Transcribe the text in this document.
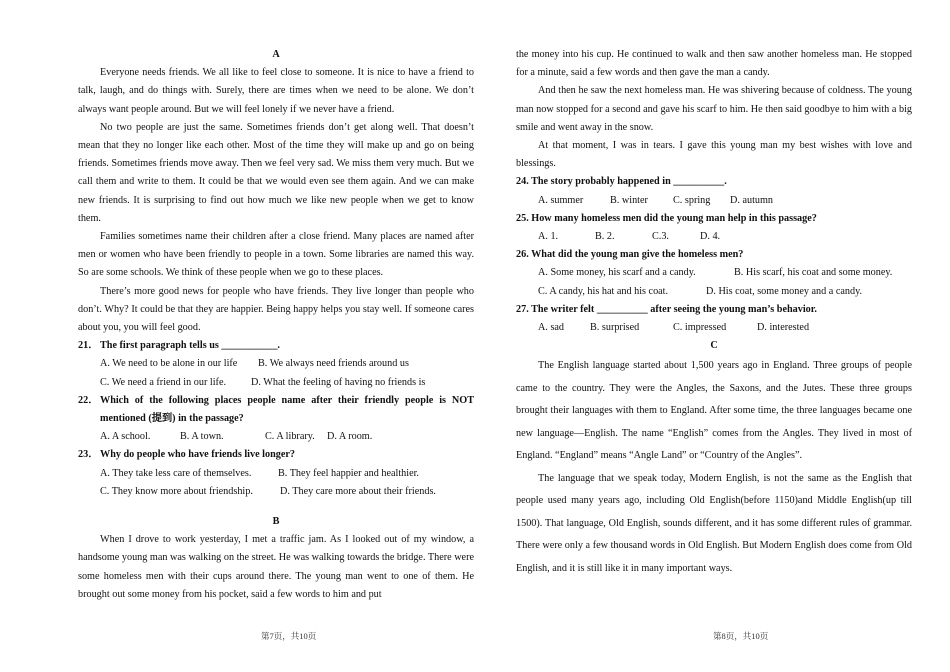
A

Everyone needs friends. We all like to feel close to someone. It is nice to have a friend to talk, laugh, and do things with. Surely, there are times when we need to be alone. We don’t always want people around. But we will feel lonely if we never have a friend.

No two people are just the same. Sometimes friends don’t get along well. That doesn’t mean that they no longer like each other. Most of the time they will make up and go on being friends. Sometimes friends move away. Then we feel very sad. We miss them very much. But we call them and write to them. It could be that we would even see them again. And we can make new friends. It is surprising to find out how much we like new people when we get to know them.

Families sometimes name their children after a close friend. Many places are named after men or women who have been friendly to people in a town. Some libraries are named this way. So are some schools. We think of these people when we go to these places.

There’s more good news for people who have friends. They live longer than people who don’t. Why? It could be that they are happier. Being happy helps you stay well. If someone cares about you, you will feel good.

21． The first paragraph tells us ___________.
A. We need to be alone in our life	B. We always need friends around us
C. We need a friend in our life.	D. What the feeling of having no friends is
22． Which of the following places people name after their friendly people is NOT mentioned (提到) in the passage?
A. A school.	B. A town.	C. A library.	D. A room.
23． Why do people who have friends live longer?
A. They take less care of themselves.	B. They feel happier and healthier.
C. They know more about friendship.	D. They care more about their friends.

B

When I drove to work yesterday, I met a traffic jam. As I looked out of my window, a handsome young man was walking on the street. He was walking towards the bridge. There were some homeless men with their cups around there. The young man went to one of them. He brought out some money from his pocket, said a few words to him and put

the money into his cup. He continued to walk and then saw another homeless man. He stopped for a minute, said a few words and then gave the man a candy.

And then he saw the next homeless man. He was shivering because of coldness. The young man now stopped for a second and gave his scarf to him. He then said goodbye to him with a big smile and went away in the snow.

At that moment, I was in tears. I gave this young man my best wishes with love and blessings.

24. The story probably happened in __________.

A. summer	B. winter	C. spring	D. autumn

25. How many homeless men did the young man help in this passage?

A. 1.	B. 2.	C.3.	D. 4.

26. What did the young man give the homeless men?

A. Some money, his scarf and a candy.	B. His scarf, his coat and some money.
C. A candy, his hat and his coat.	D. His coat, some money and a candy.

27. The writer felt __________ after seeing the young man’s behavior.

A. sad	B. surprised	C. impressed	D. interested

C

The English language started about 1,500 years ago in England. Three groups of people came to the country. They were the Angles, the Saxons, and the Jutes. These three groups brought their languages with them to England. After some time, the three languages became one new language—English. The name “English” comes from the Angles. They lived in most of England. “England” means “Angle Land” or “Country of the Angles”.

The language that we speak today, Modern English, is not the same as the English that people used many years ago, including Old English(before 1150)and Middle English(up till 1500). That language, Old English, sounds different, and it has some different rules of grammar. There were only a few thousand words in Old English. But Modern English does come from Old English, and it is still like it in many important ways.

第7页，共10页	第8页，共10页
